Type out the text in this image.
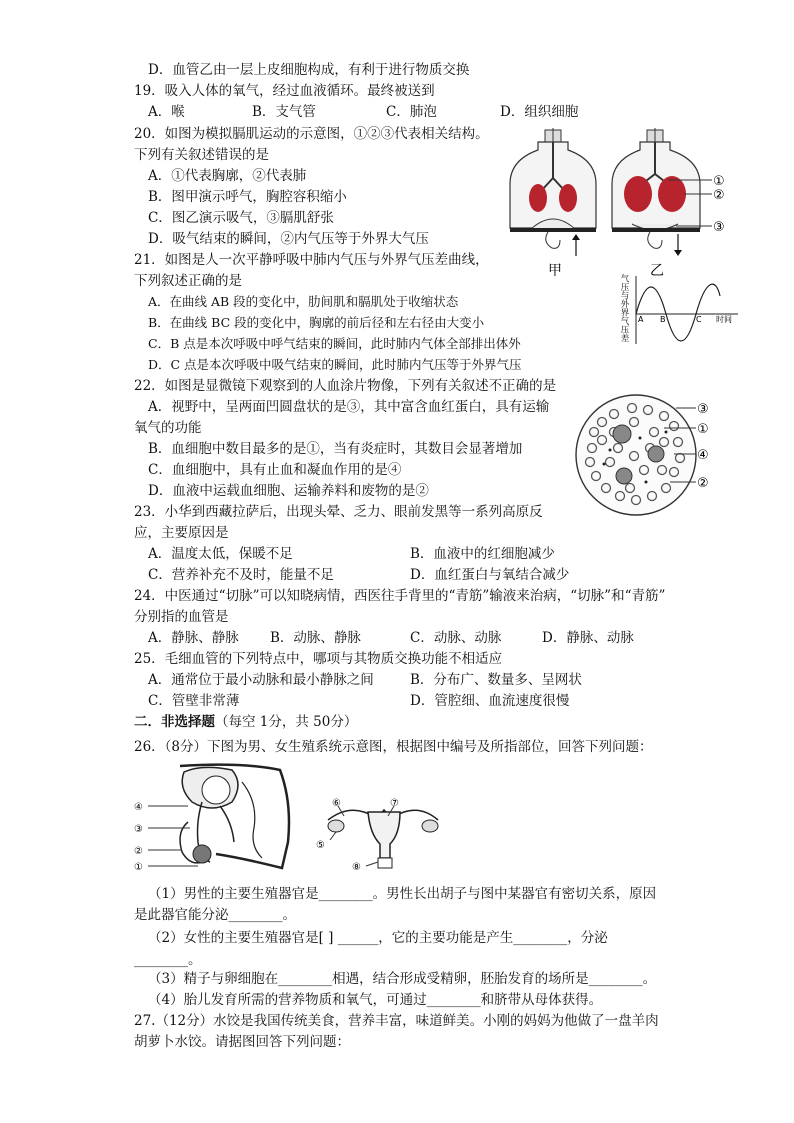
D．血管乙由一层上皮细胞构成，有利于进行物质交换
19．吸入人体的氧气，经过血液循环。最终被送到
A．喉	B．支气管	C．肺泡	D．组织细胞
20．如图为模拟膈肌运动的示意图，①②③代表相关结构。
下列有关叙述错误的是
A．①代表胸廓，②代表肺
B．图甲演示呼气，胸腔容积缩小
C．图乙演示吸气，③膈肌舒张
D．吸气结束的瞬间，②内气压等于外界大气压
21．如图是人一次平静呼吸中肺内气压与外界气压差曲线，
下列叙述正确的是
A．在曲线 AB 段的变化中，肋间肌和膈肌处于收缩状态
B．在曲线 BC 段的变化中，胸廓的前后径和左右径由大变小
C．B 点是本次呼吸中呼气结束的瞬间，此时肺内气体全部排出体外
D．C 点是本次呼吸中吸气结束的瞬间，此时肺内气压等于外界气压
22．如图是显微镜下观察到的人血涂片物像，下列有关叙述不正确的是
A．视野中，呈两面凹圆盘状的是③，其中富含血红蛋白，具有运输
氧气的功能
B．血细胞中数目最多的是①，当有炎症时，其数目会显著增加
C．血细胞中，具有止血和凝血作用的是④
D．血液中运载血细胞、运输养料和废物的是②
23．小华到西藏拉萨后，出现头晕、乏力、眼前发黑等一系列高原反
应，主要原因是
A．温度太低，保暖不足	B．血液中的红细胞减少
C．营养补充不及时，能量不足	D．血红蛋白与氧结合减少
24．中医通过“切脉”可以知晓病情，西医往手背里的“青筋”输液来治病，“切脉”和“青筋”
分别指的血管是
A．静脉、静脉 B．动脉、静脉	C．动脉、动脉	D．静脉、动脉
25．毛细血管的下列特点中，哪项与其物质交换功能不相适应
A．通常位于最小动脉和最小静脉之间	B．分布广、数量多、呈网状
C．管壁非常薄	D．管腔细、血流速度很慢
二．非选择题（每空 1分，共 50分）
26．（8分）下图为男、女生殖系统示意图，根据图中编号及所指部位，回答下列问题：
（1）男性的主要生殖器官是________。男性长出胡子与图中某器官有密切关系，原因
是此器官能分泌________。
（2）女性的主要生殖器官是[ ] ______，它的主要功能是产生________，分泌
________。
（3）精子与卵细胞在________相遇，结合形成受精卵，胚胎发育的场所是________。
（4）胎儿发育所需的营养物质和氧气，可通过________和脐带从母体获得。
27.（12分）水饺是我国传统美食，营养丰富，味道鲜美。小刚的妈妈为他做了一盘羊肉
胡萝卜水饺。请据图回答下列问题：
甲	乙
①
②
③
气压与外界气压差 A B	C 时间
③
①
④
②
④
③
②
①
⑥	⑦
⑤
⑧
